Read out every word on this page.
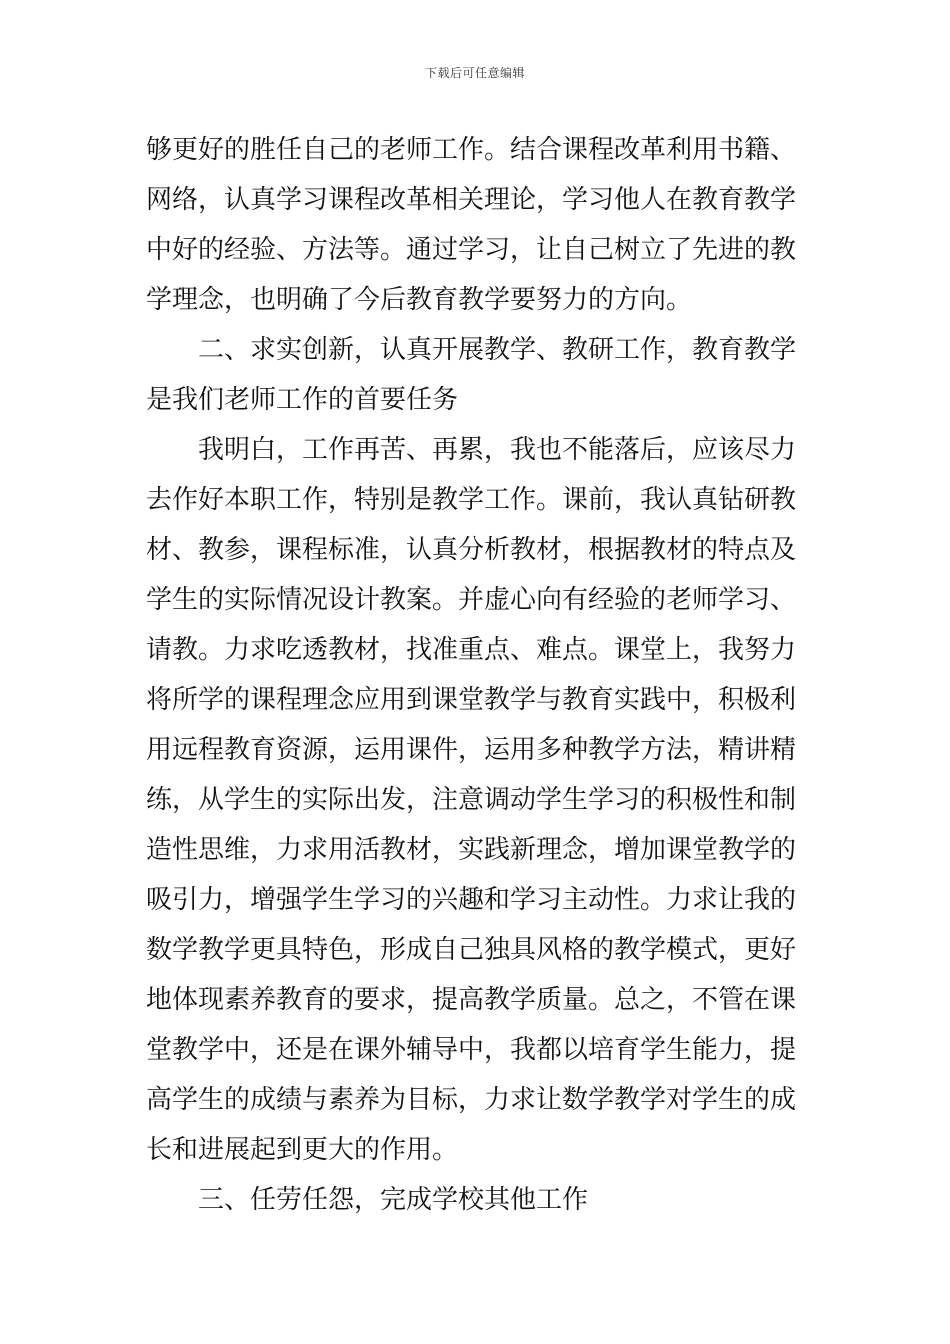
下载后可任意编辑
够更好的胜任自己的老师工作。结合课程改革利用书籍、
网络，认真学习课程改革相关理论，学习他人在教育教学
中好的经验、方法等。通过学习，让自己树立了先进的教
学理念，也明确了今后教育教学要努力的方向。
二、求实创新，认真开展教学、教研工作，教育教学
是我们老师工作的首要任务
我明白，工作再苦、再累，我也不能落后，应该尽力
去作好本职工作，特别是教学工作。课前，我认真钻研教
材、教参，课程标准，认真分析教材，根据教材的特点及
学生的实际情况设计教案。并虚心向有经验的老师学习、
请教。力求吃透教材，找准重点、难点。课堂上，我努力
将所学的课程理念应用到课堂教学与教育实践中，积极利
用远程教育资源，运用课件，运用多种教学方法，精讲精
练，从学生的实际出发，注意调动学生学习的积极性和制
造性思维，力求用活教材，实践新理念，增加课堂教学的
吸引力，增强学生学习的兴趣和学习主动性。力求让我的
数学教学更具特色，形成自己独具风格的教学模式，更好
地体现素养教育的要求，提高教学质量。总之，不管在课
堂教学中，还是在课外辅导中，我都以培育学生能力，提
高学生的成绩与素养为目标，力求让数学教学对学生的成
长和进展起到更大的作用。
三、任劳任怨，完成学校其他工作
